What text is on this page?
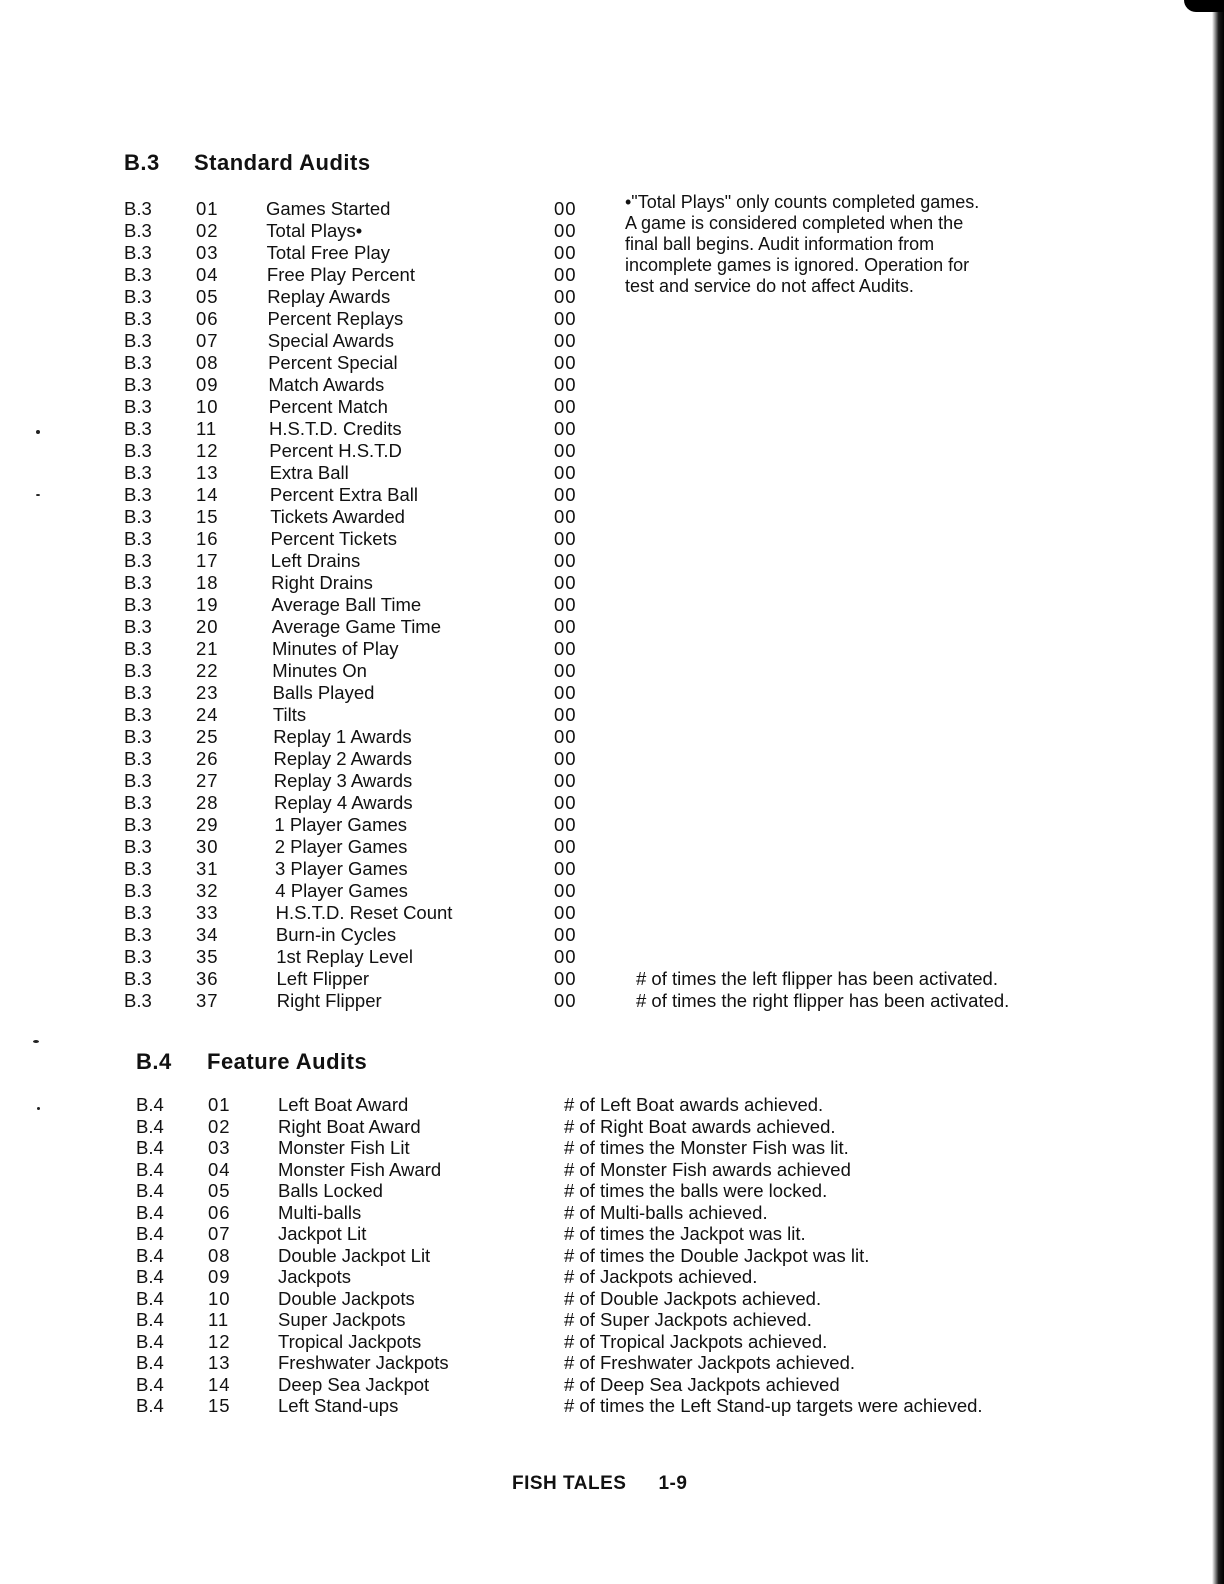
B.3 Standard Audits
•"Total Plays" only counts completed games.
A game is considered completed when the
final ball begins. Audit information from
incomplete games is ignored. Operation for
test and service do not affect Audits.
B.3 01	Games Started	00
B.3 02	Total Plays•	00
B.3 03	Total Free Play	00
B.3 04	Free Play Percent	00
B.3 05	Replay Awards	00
B.3 06	Percent Replays	00
B.3 07	Special Awards	00
B.3 08	Percent Special	00
B.3 09	Match Awards	00
B.3 10	Percent Match	00
B.3 11	H.S.T.D. Credits	00
B.3 12	Percent H.S.T.D	00
B.3 13	Extra Ball	00
B.3 14	Percent Extra Ball	00
B.3 15	Tickets Awarded	00
B.3 16	Percent Tickets	00
B.3 17	Left Drains	00
B.3 18	Right Drains	00
B.3 19	Average Ball Time	00
B.3 20	Average Game Time	00
B.3 21	Minutes of Play	00
B.3 22	Minutes On	00
B.3 23	Balls Played	00
B.3 24	Tilts	00
B.3 25	Replay 1 Awards	00
B.3 26	Replay 2 Awards	00
B.3 27	Replay 3 Awards	00
B.3 28	Replay 4 Awards	00
B.3 29	1 Player Games	00
B.3 30	2 Player Games	00
B.3 31	3 Player Games	00
B.3 32	4 Player Games	00
B.3 33	H.S.T.D. Reset Count	00
B.3 34	Burn-in Cycles	00
B.3 35	1st Replay Level	00
B.3 36	Left Flipper	00	# of times the left flipper has been activated.
B.3 37	Right Flipper	00	# of times the right flipper has been activated.
B.4 Feature Audits
B.4 01	Left Boat Award	# of Left Boat awards achieved.
B.4 02	Right Boat Award	# of Right Boat awards achieved.
B.4 03	Monster Fish Lit	# of times the Monster Fish was lit.
B.4 04	Monster Fish Award	# of Monster Fish awards achieved
B.4 05	Balls Locked	# of times the balls were locked.
B.4 06	Multi-balls	# of Multi-balls achieved.
B.4 07	Jackpot Lit	# of times the Jackpot was lit.
B.4 08	Double Jackpot Lit	# of times the Double Jackpot was lit.
B.4 09	Jackpots	# of Jackpots achieved.
B.4 10	Double Jackpots	# of Double Jackpots achieved.
B.4 11	Super Jackpots	# of Super Jackpots achieved.
B.4 12	Tropical Jackpots	# of Tropical Jackpots achieved.
B.4 13	Freshwater Jackpots	# of Freshwater Jackpots achieved.
B.4 14	Deep Sea Jackpot	# of Deep Sea Jackpots achieved
B.4 15	Left Stand-ups	# of times the Left Stand-up targets were achieved.
FISH TALES 1-9
